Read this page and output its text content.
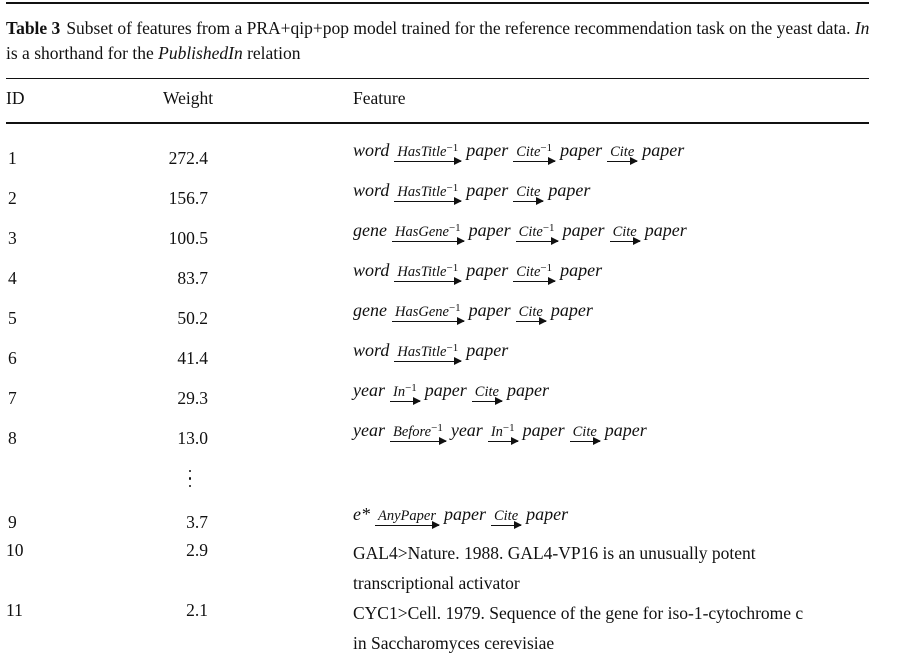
Table 3 Subset of features from a PRA+qip+pop model trained for the reference recommendation task on the yeast data. In is a shorthand for the PublishedIn relation
ID	Weight	Feature
1	272.4	word HasTitle$^{-1}$ paper Cite$^{-1}$ paper Cite paper
2	156.7	word HasTitle$^{-1}$ paper Cite paper
3	100.5	gene HasGene$^{-1}$ paper Cite$^{-1}$ paper Cite paper
4	83.7	word HasTitle$^{-1}$ paper Cite$^{-1}$ paper
5	50.2	gene HasGene$^{-1}$ paper Cite paper
6	41.4	word HasTitle$^{-1}$ paper
7	29.3	year $In^{-1}$ paper Cite paper
8	13.0	year Before$^{-1}$ year $In^{-1}$ paper Cite paper
9	3.7	e* AnyPaper paper Cite paper
10	2.9	GAL4>Nature. 1988. GAL4-VP16 is an unusually potent
transcriptional activator
11	2.1	CYC1>Cell. 1979. Sequence of the gene for iso-1-cytochrome c
in Saccharomyces cerevisiae
